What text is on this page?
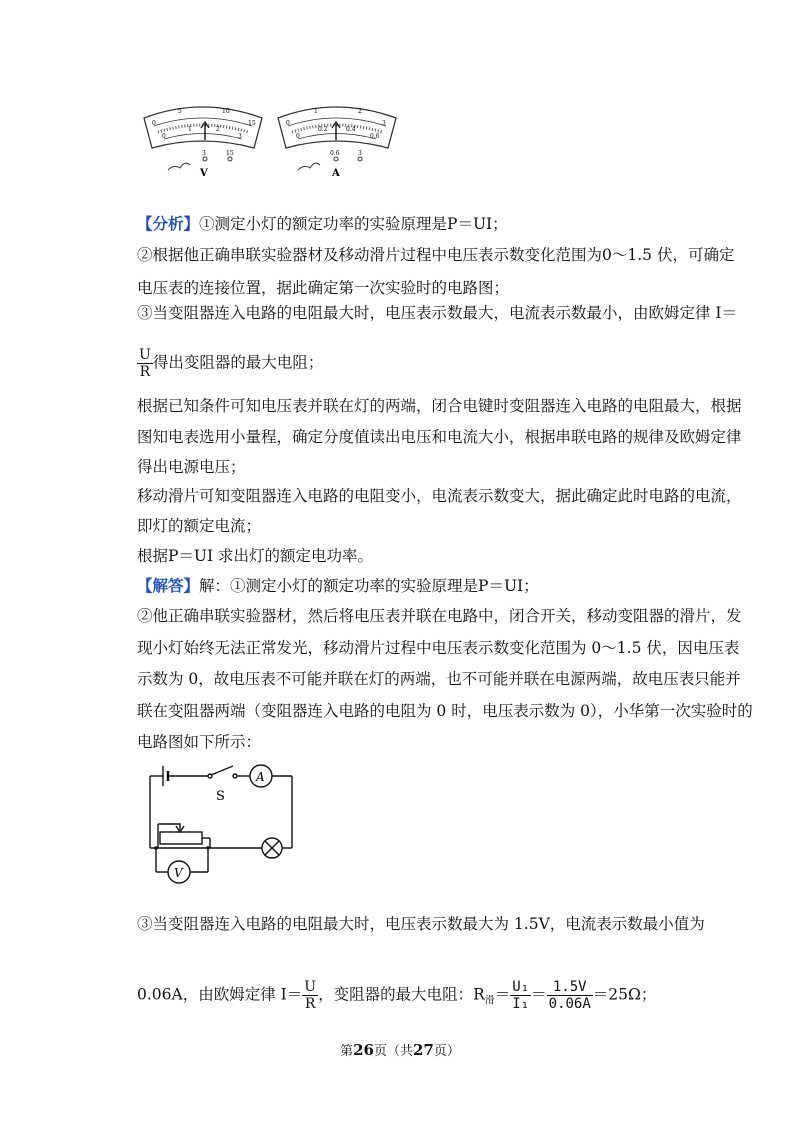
0
5	10
15
0
1	2
3
3	15
V
0
1	2
3
0
0.2	0.4
0.6
0.6	3
A
【分析】①测定小灯的额定功率的实验原理是P＝UI；
②根据他正确串联实验器材及移动滑片过程中电压表示数变化范围为0～1.5 伏，可确定
电压表的连接位置，据此确定第一次实验时的电路图；
③当变阻器连入电路的电阻最大时，电压表示数最大，电流表示数最小，由欧姆定律 I＝
$\frac{U}{R}$ 得出变阻器的最大电阻；
根据已知条件可知电压表并联在灯的两端，闭合电键时变阻器连入电路的电阻最大，根据
图知电表选用小量程，确定分度值读出电压和电流大小，根据串联电路的规律及欧姆定律
得出电源电压；
移动滑片可知变阻器连入电路的电阻变小，电流表示数变大，据此确定此时电路的电流，
即灯的额定电流；
根据P＝UI 求出灯的额定电功率。
【解答】解：①测定小灯的额定功率的实验原理是P＝UI；
②他正确串联实验器材，然后将电压表并联在电路中，闭合开关，移动变阻器的滑片，发
现小灯始终无法正常发光，移动滑片过程中电压表示数变化范围为 0～1.5 伏，因电压表
示数为 0，故电压表不可能并联在灯的两端，也不可能并联在电源两端，故电压表只能并
联在变阻器两端（变阻器连入电路的电阻为 0 时，电压表示数为 0），小华第一次实验时的
电路图如下所示：
A
V
S
③当变阻器连入电路的电阻最大时，电压表示数最大为 1.5V，电流表示数最小值为
0.06A，由欧姆定律 $I= \frac{U}{R}$ ，变阻器的最大电阻：$R_滑= \frac{\text{U₁}}{\text{I₁}} = \frac{1.5V}{0.06A} =25\Omega$；
第26页（共27页）
